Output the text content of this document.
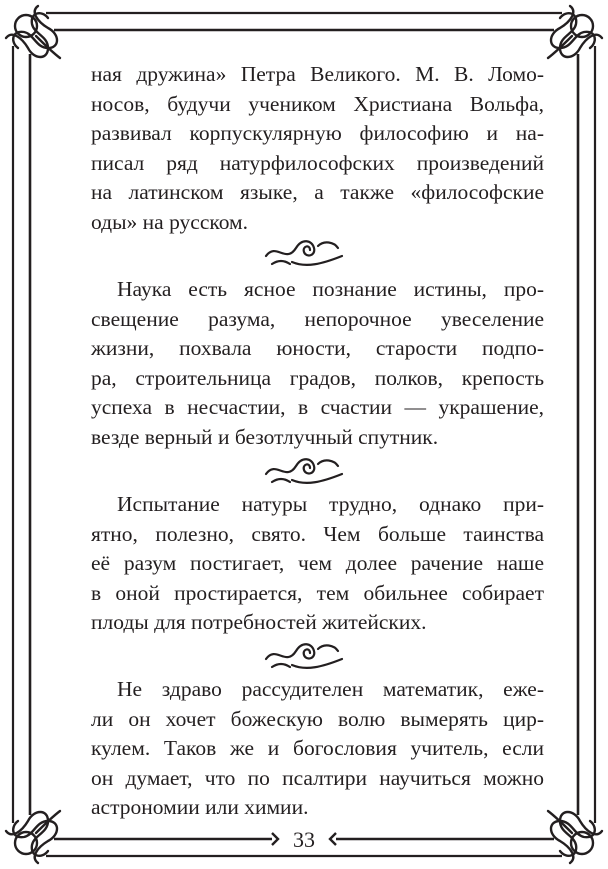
ная дружина» Петра Великого. М. В. Ломо-
носов, будучи учеником Христиана Вольфа,
развивал корпускулярную философию и на-
писал ряд натурфилософских произведений
на латинском языке, а также «философские
оды» на русском.
Наука есть ясное познание истины, про-
свещение разума, непорочное увеселение
жизни, похвала юности, старости подпо-
ра, строительница градов, полков, крепость
успеха в несчастии, в счастии — украшение,
везде верный и безотлучный спутник.
Испытание натуры трудно, однако при-
ятно, полезно, свято. Чем больше таинства
её разум постигает, чем долее рачение наше
в оной простирается, тем обильнее собирает
плоды для потребностей житейских.
Не здраво рассудителен математик, еже-
ли он хочет божескую волю вымерять цир-
кулем. Таков же и богословия учитель, если
он думает, что по псалтири научиться можно
астрономии или химии.
33
